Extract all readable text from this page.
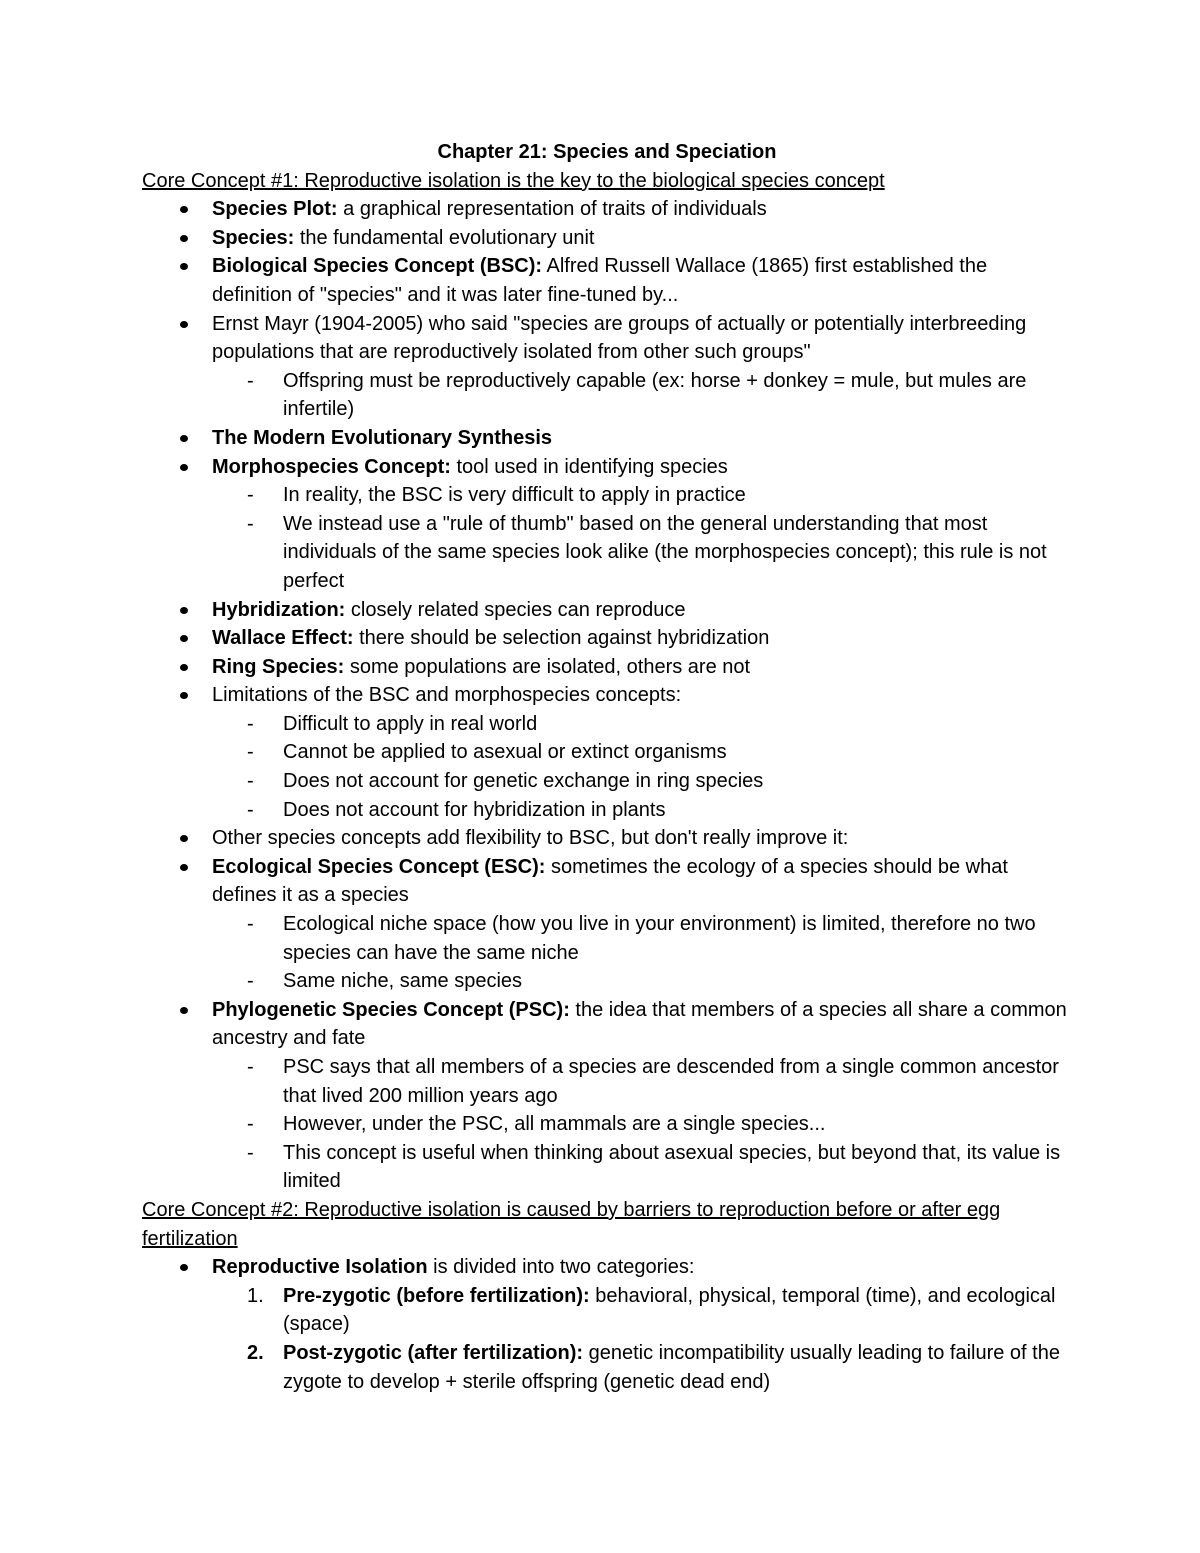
Chapter 21: Species and Speciation

Core Concept #1: Reproductive isolation is the key to the biological species concept

Species Plot: a graphical representation of traits of individuals
Species: the fundamental evolutionary unit
Biological Species Concept (BSC): Alfred Russell Wallace (1865) first established the definition of "species" and it was later fine-tuned by...
Ernst Mayr (1904-2005) who said "species are groups of actually or potentially interbreeding populations that are reproductively isolated from other such groups"
- Offspring must be reproductively capable (ex: horse + donkey = mule, but mules are infertile)
The Modern Evolutionary Synthesis
Morphospecies Concept: tool used in identifying species
- In reality, the BSC is very difficult to apply in practice
- We instead use a "rule of thumb" based on the general understanding that most individuals of the same species look alike (the morphospecies concept); this rule is not perfect
Hybridization: closely related species can reproduce
Wallace Effect: there should be selection against hybridization
Ring Species: some populations are isolated, others are not
Limitations of the BSC and morphospecies concepts:
- Difficult to apply in real world
- Cannot be applied to asexual or extinct organisms
- Does not account for genetic exchange in ring species
- Does not account for hybridization in plants
Other species concepts add flexibility to BSC, but don't really improve it:
Ecological Species Concept (ESC): sometimes the ecology of a species should be what defines it as a species
- Ecological niche space (how you live in your environment) is limited, therefore no two species can have the same niche
- Same niche, same species
Phylogenetic Species Concept (PSC): the idea that members of a species all share a common ancestry and fate
- PSC says that all members of a species are descended from a single common ancestor that lived 200 million years ago
- However, under the PSC, all mammals are a single species...
- This concept is useful when thinking about asexual species, but beyond that, its value is limited

Core Concept #2: Reproductive isolation is caused by barriers to reproduction before or after egg fertilization

Reproductive Isolation is divided into two categories:
1. Pre-zygotic (before fertilization): behavioral, physical, temporal (time), and ecological (space)
2. Post-zygotic (after fertilization): genetic incompatibility usually leading to failure of the zygote to develop + sterile offspring (genetic dead end)
